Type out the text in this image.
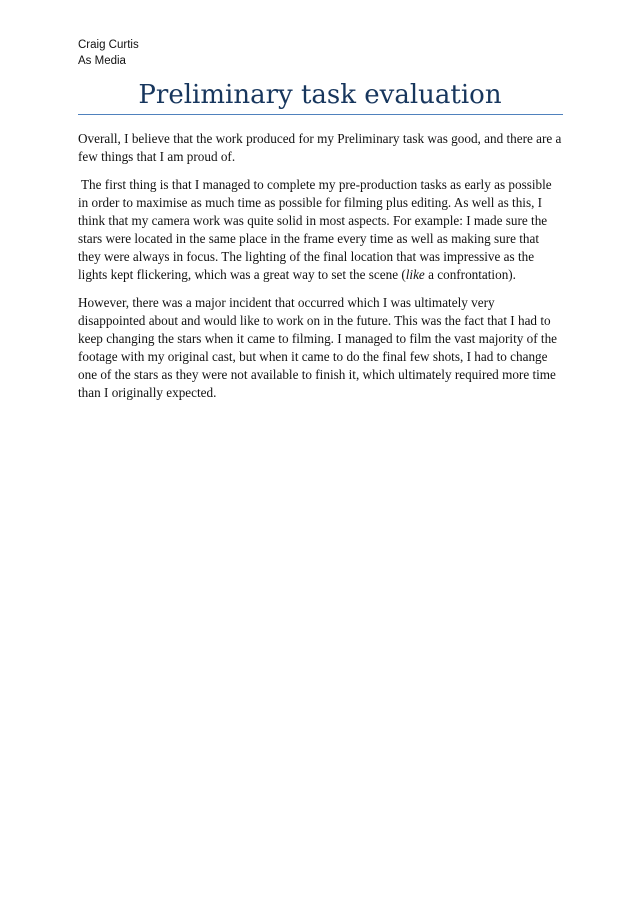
Craig Curtis
As Media
Preliminary task evaluation

Overall, I believe that the work produced for my Preliminary task was good, and there are a few things that I am proud of.

The first thing is that I managed to complete my pre-production tasks as early as possible in order to maximise as much time as possible for filming plus editing. As well as this, I think that my camera work was quite solid in most aspects. For example: I made sure the stars were located in the same place in the frame every time as well as making sure that they were always in focus. The lighting of the final location that was impressive as the lights kept flickering, which was a great way to set the scene (like a confrontation).

However, there was a major incident that occurred which I was ultimately very disappointed about and would like to work on in the future. This was the fact that I had to keep changing the stars when it came to filming. I managed to film the vast majority of the footage with my original cast, but when it came to do the final few shots, I had to change one of the stars as they were not available to finish it, which ultimately required more time than I originally expected.
